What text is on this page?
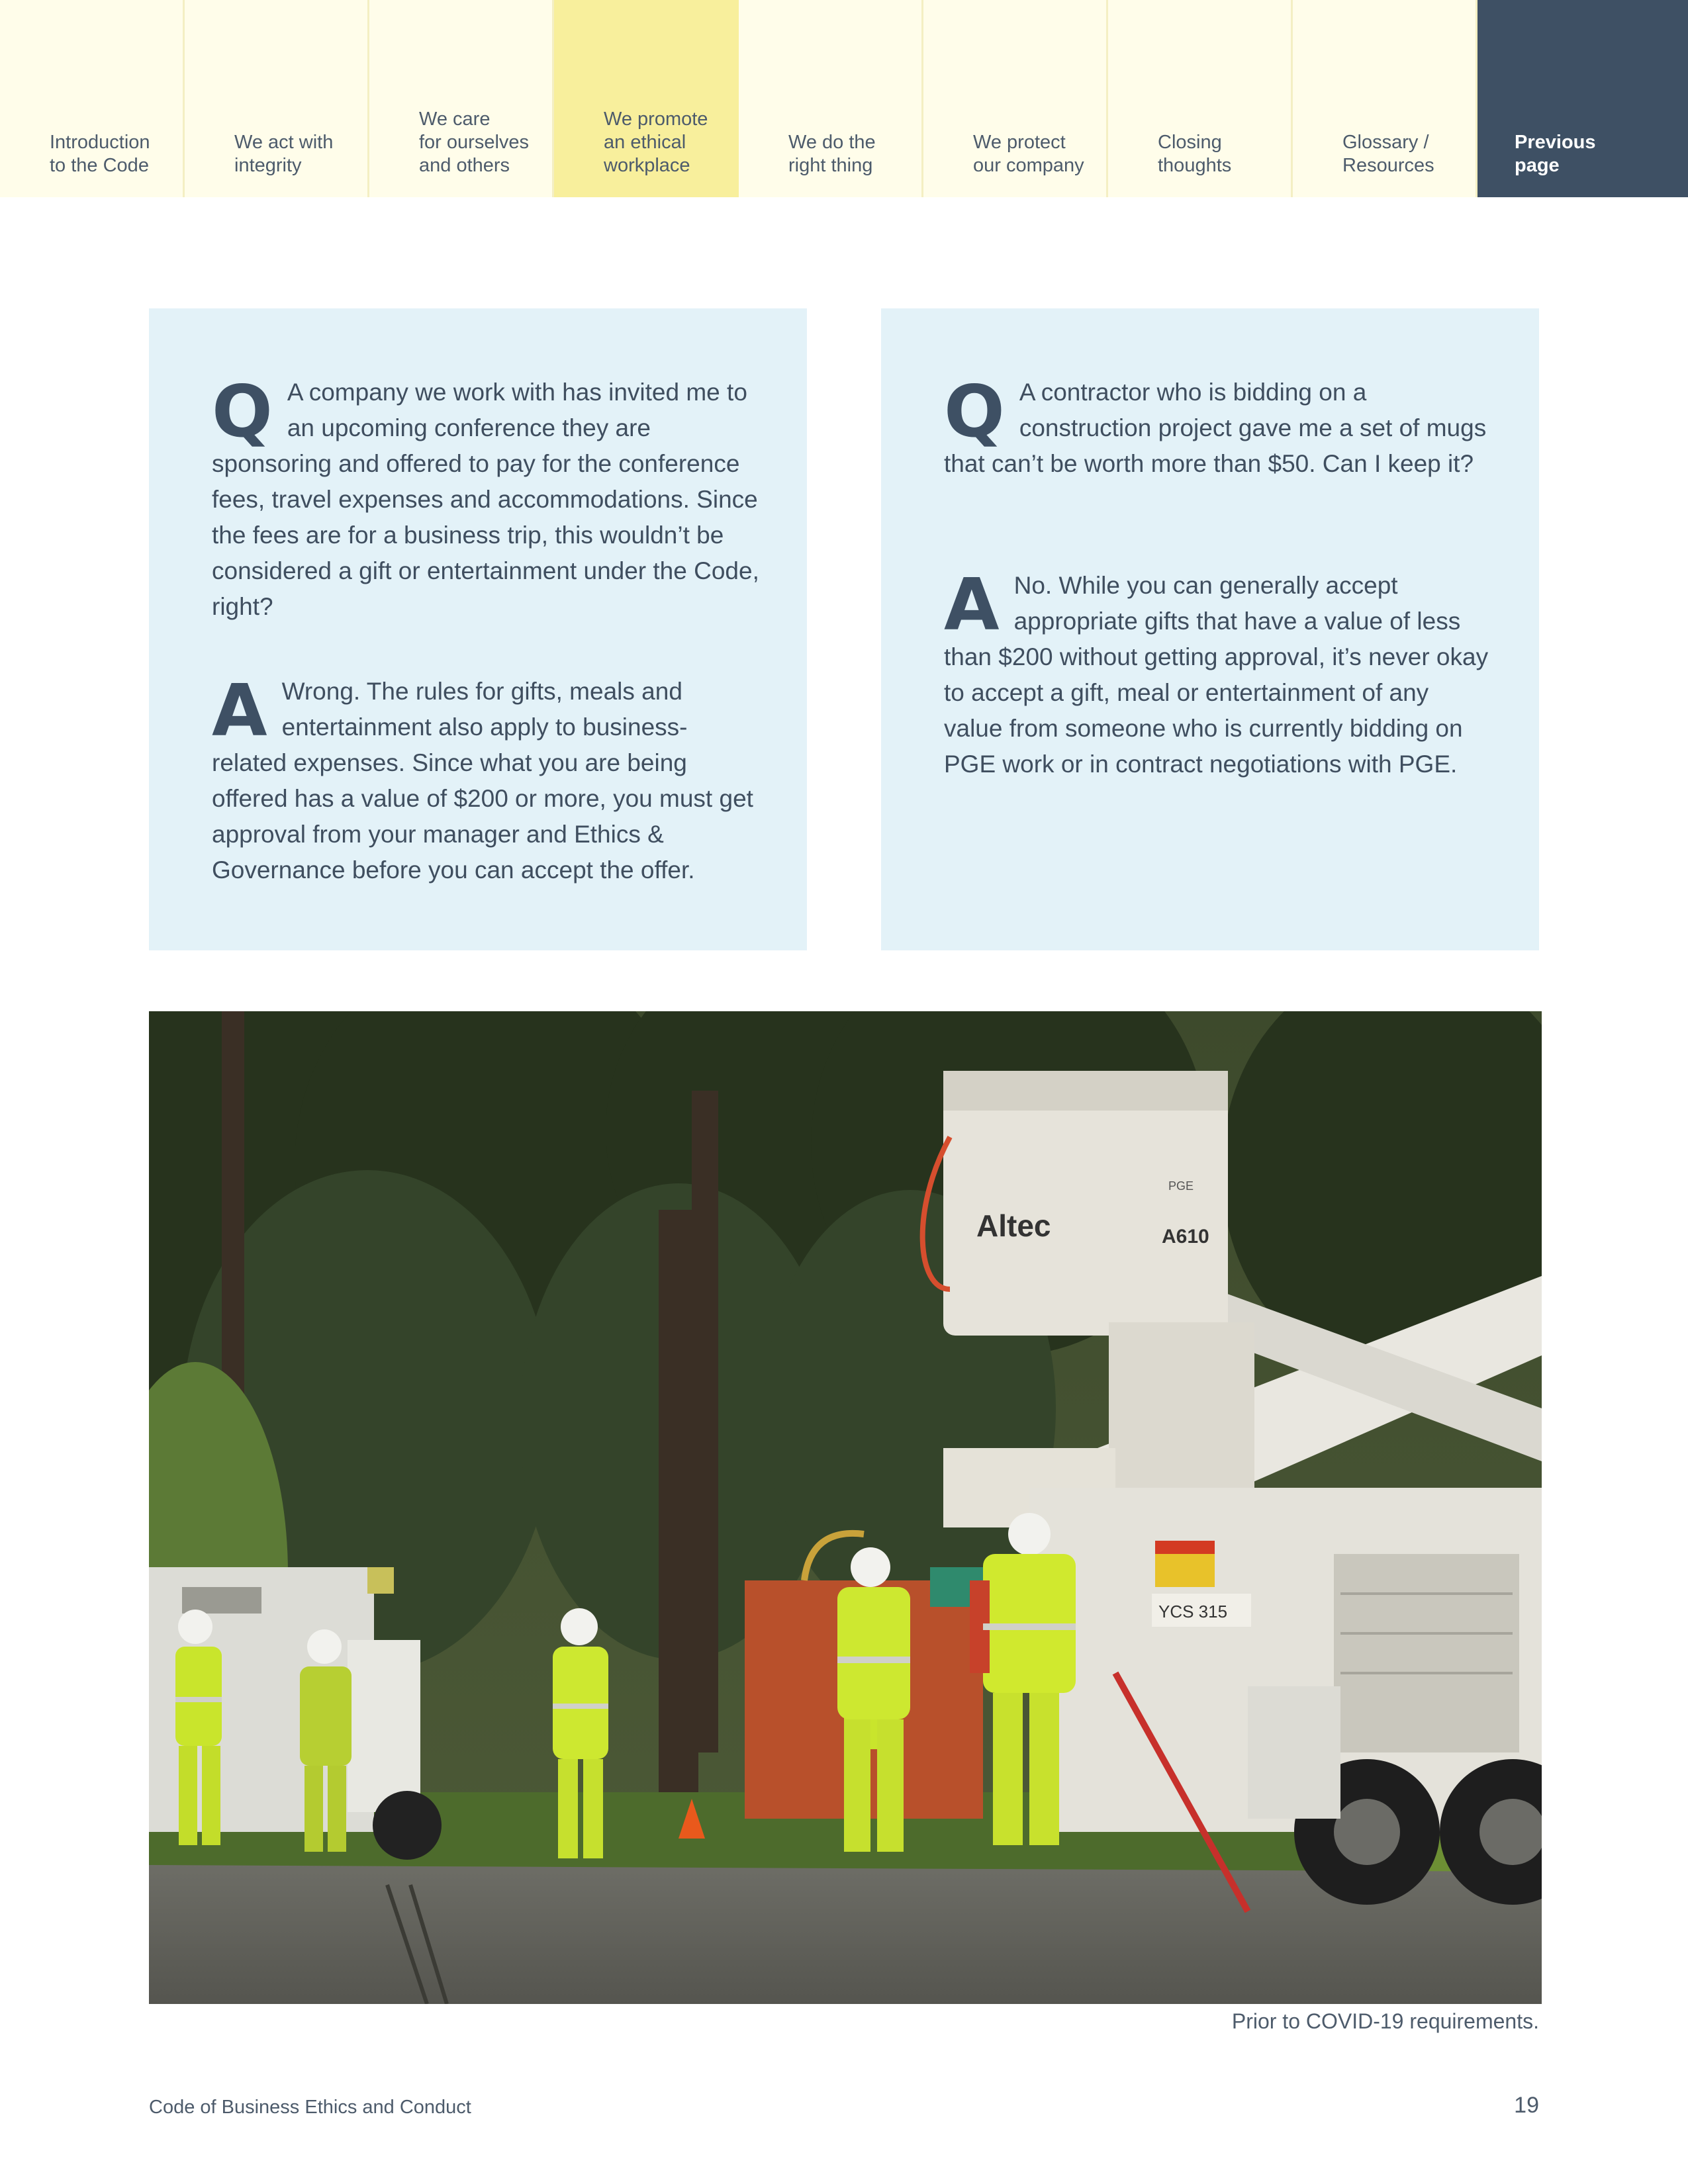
Introduction
to the Code
We act with
integrity
We care
for ourselves
and others
We promote
an ethical
workplace
We do the
right thing
We protect
our company
Closing
thoughts
Glossary /
Resources
Previous
page

Q A company we work with has invited me to an upcoming conference they are sponsoring and offered to pay for the conference fees, travel expenses and accommodations. Since the fees are for a business trip, this wouldn’t be considered a gift or entertainment under the Code, right?

A Wrong. The rules for gifts, meals and entertainment also apply to business-related expenses. Since what you are being offered has a value of $200 or more, you must get approval from your manager and Ethics & Governance before you can accept the offer.

Q A contractor who is bidding on a construction project gave me a set of mugs that can’t be worth more than $50. Can I keep it?

A No. While you can generally accept appropriate gifts that have a value of less than $200 without getting approval, it’s never okay to accept a gift, meal or entertainment of any value from someone who is currently bidding on PGE work or in contract negotiations with PGE.

Altec	A610
PGE
YCS 315
Prior to COVID-19 requirements.
Code of Business Ethics and Conduct	19
